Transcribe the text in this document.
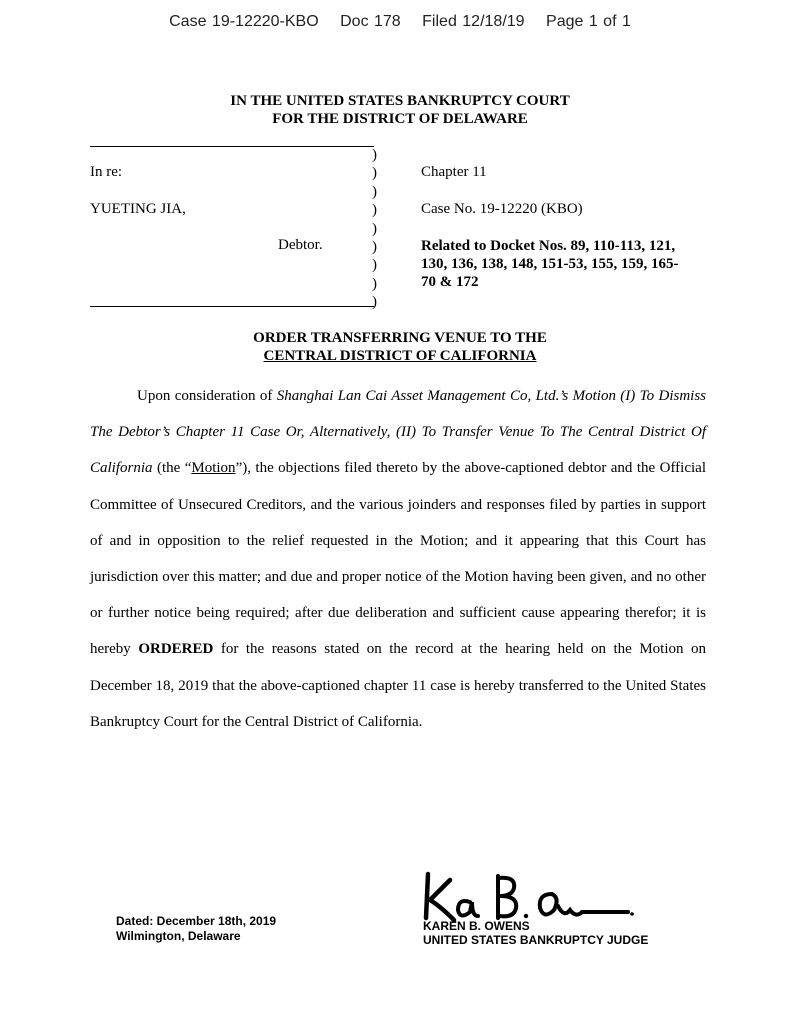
Case 19-12220-KBO Doc 178 Filed 12/18/19 Page 1 of 1
IN THE UNITED STATES BANKRUPTCY COURT
FOR THE DISTRICT OF DELAWARE
)
)
)
)
)
)
)
)
)
In re:
YUETING JIA,
Debtor.
Chapter 11
Case No. 19-12220 (KBO)
Related to Docket Nos. 89, 110-113, 121,
130, 136, 138, 148, 151-53, 155, 159, 165-
70 & 172
ORDER TRANSFERRING VENUE TO THE
CENTRAL DISTRICT OF CALIFORNIA
Upon consideration of Shanghai Lan Cai Asset Management Co, Ltd.’s Motion (I) To Dismiss The Debtor’s Chapter 11 Case Or, Alternatively, (II) To Transfer Venue To The Central District Of California (the “Motion”), the objections filed thereto by the above-captioned debtor and the Official Committee of Unsecured Creditors, and the various joinders and responses filed by parties in support of and in opposition to the relief requested in the Motion; and it appearing that this Court has jurisdiction over this matter; and due and proper notice of the Motion having been given, and no other or further notice being required; after due deliberation and sufficient cause appearing therefor; it is hereby ORDERED for the reasons stated on the record at the hearing held on the Motion on December 18, 2019 that the above-captioned chapter 11 case is hereby transferred to the United States Bankruptcy Court for the Central District of California.
Dated: December 18th, 2019
Wilmington, Delaware
KAREN B. OWENS
UNITED STATES BANKRUPTCY JUDGE
